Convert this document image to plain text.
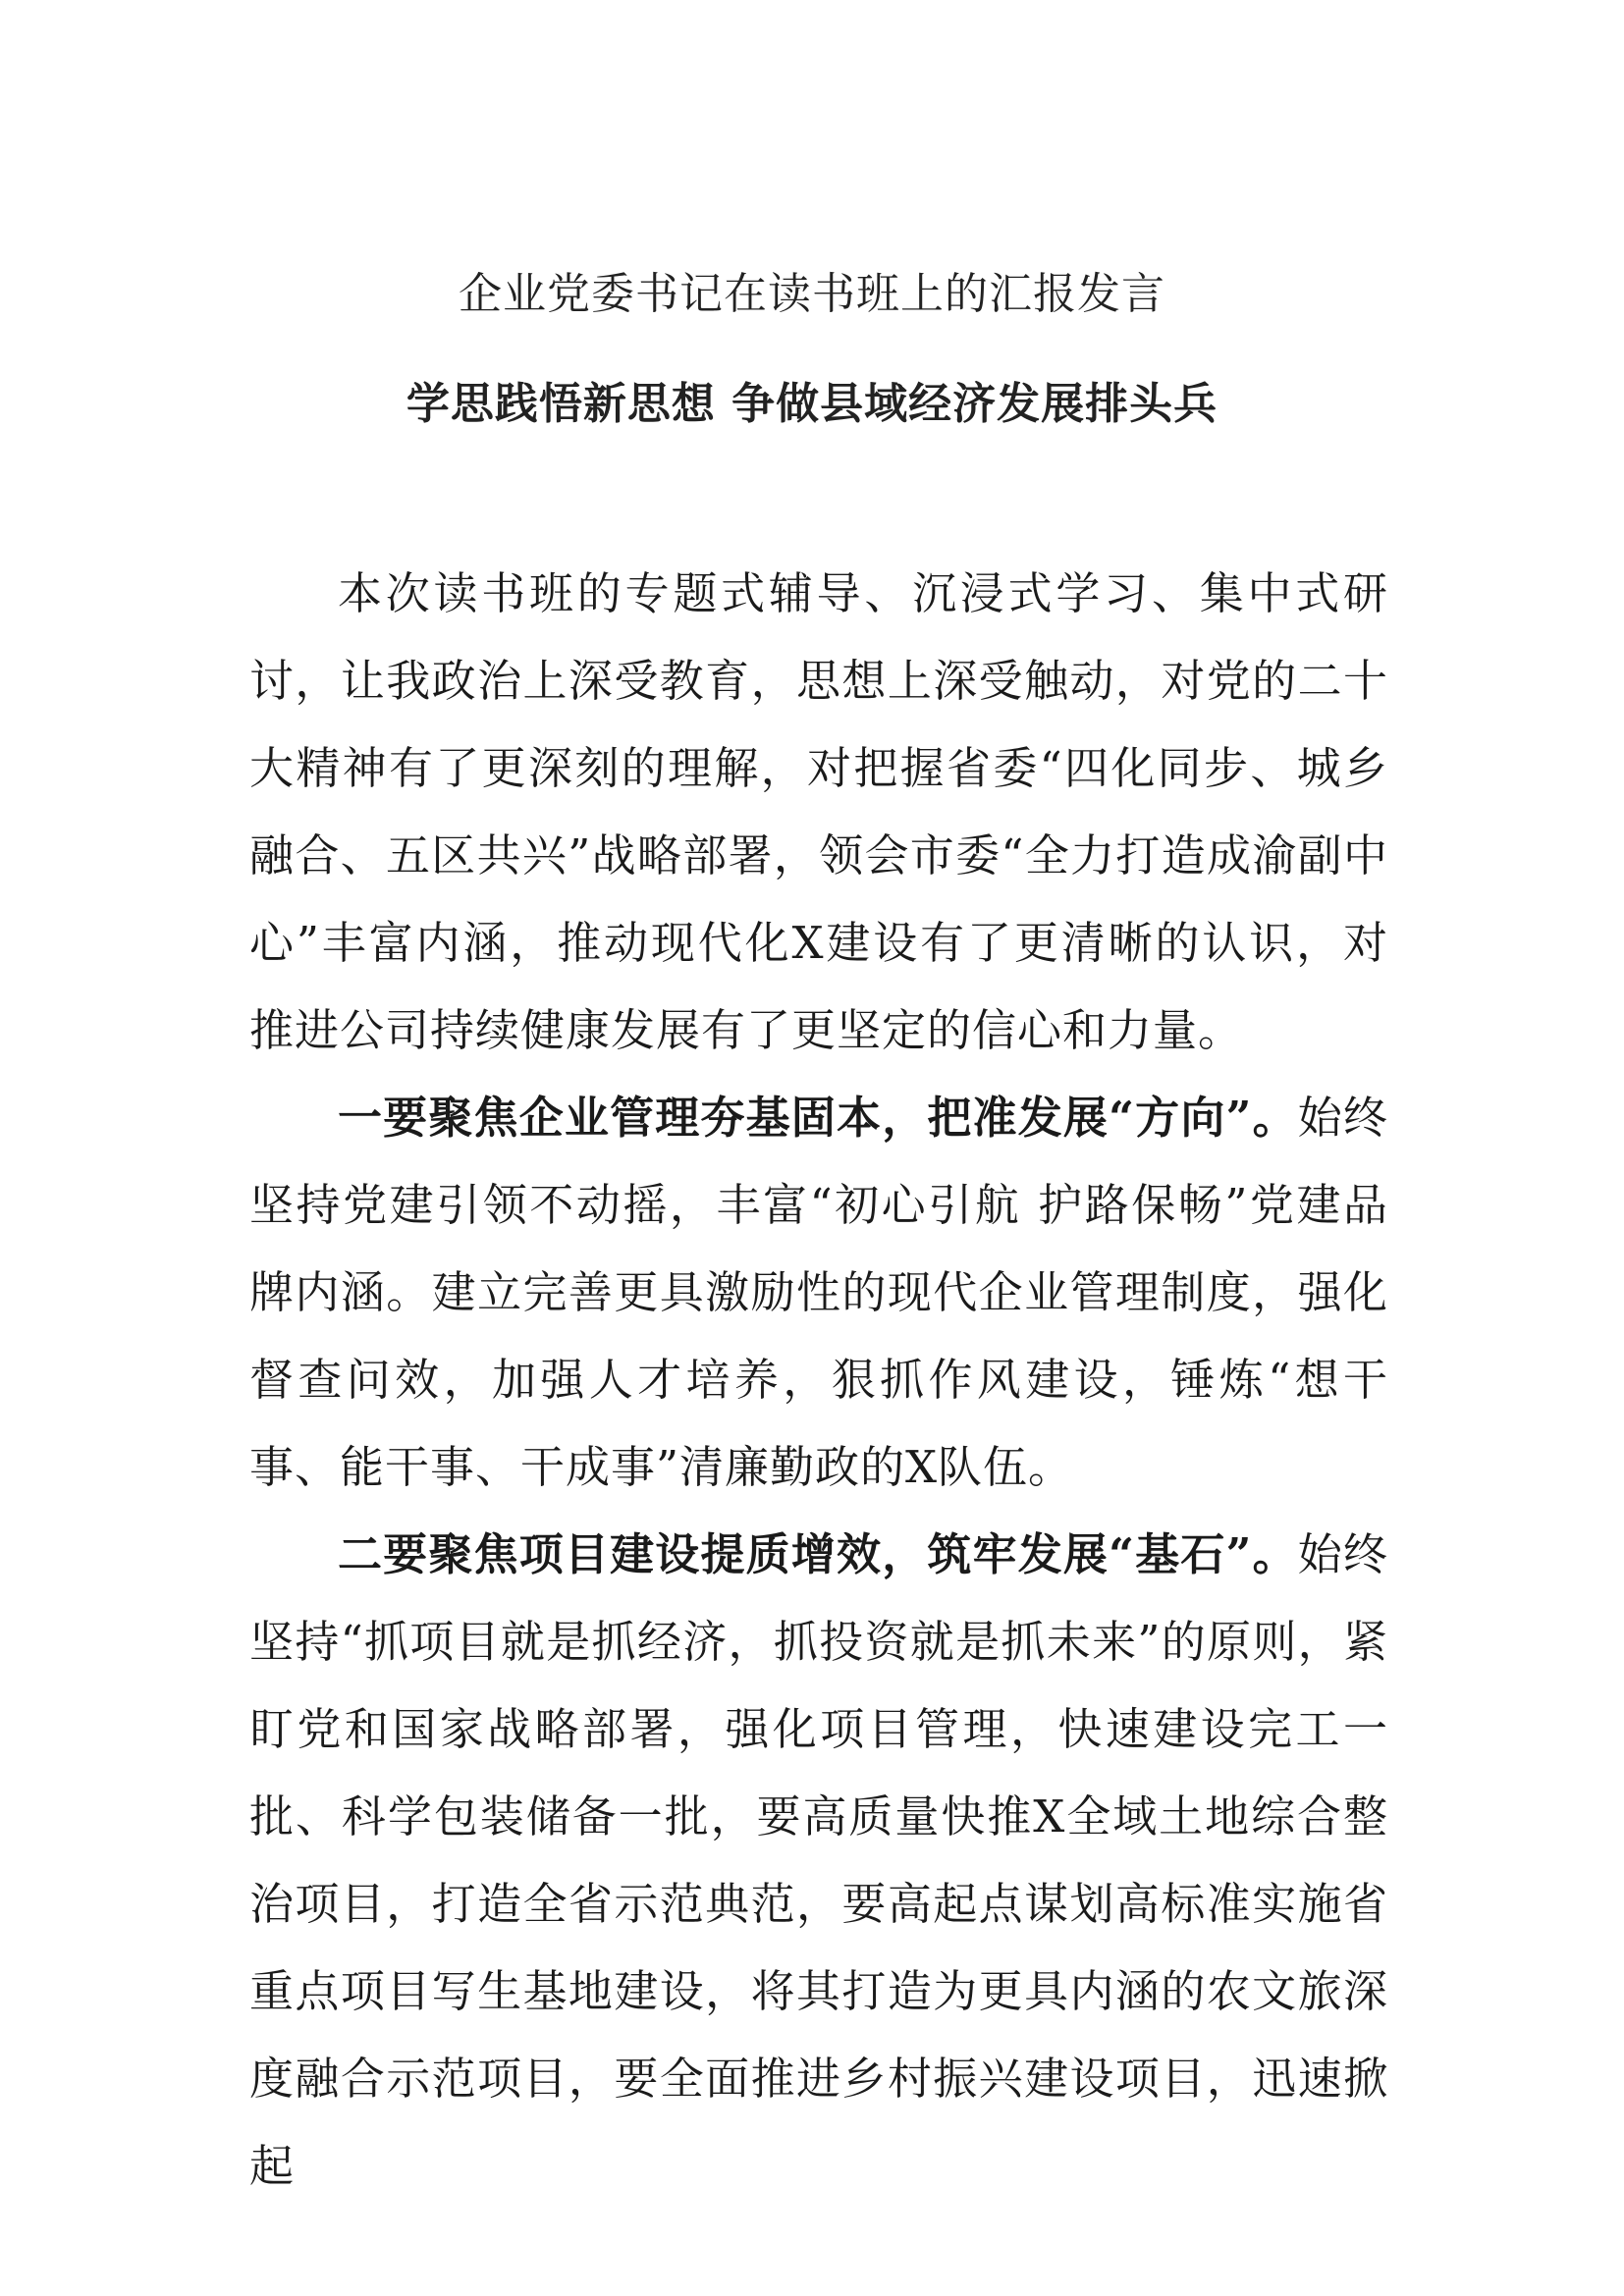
企业党委书记在读书班上的汇报发言
学思践悟新思想 争做县域经济发展排头兵

本次读书班的专题式辅导、沉浸式学习、集中式研讨，让我政治上深受教育，思想上深受触动，对党的二十大精神有了更深刻的理解，对把握省委“四化同步、城乡融合、五区共兴”战略部署，领会市委“全力打造成渝副中心”丰富内涵，推动现代化X建设有了更清晰的认识，对推进公司持续健康发展有了更坚定的信心和力量。

一要聚焦企业管理夯基固本，把准发展“方向”。始终坚持党建引领不动摇，丰富“初心引航 护路保畅”党建品牌内涵。建立完善更具激励性的现代企业管理制度，强化督查问效，加强人才培养，狠抓作风建设，锤炼“想干事、能干事、干成事”清廉勤政的X队伍。

二要聚焦项目建设提质增效，筑牢发展“基石”。始终坚持“抓项目就是抓经济，抓投资就是抓未来”的原则，紧盯党和国家战略部署，强化项目管理，快速建设完工一批、科学包装储备一批，要高质量快推X全域土地综合整治项目，打造全省示范典范，要高起点谋划高标准实施省重点项目写生基地建设，将其打造为更具内涵的农文旅深度融合示范项目，要全面推进乡村振兴建设项目，迅速掀起
